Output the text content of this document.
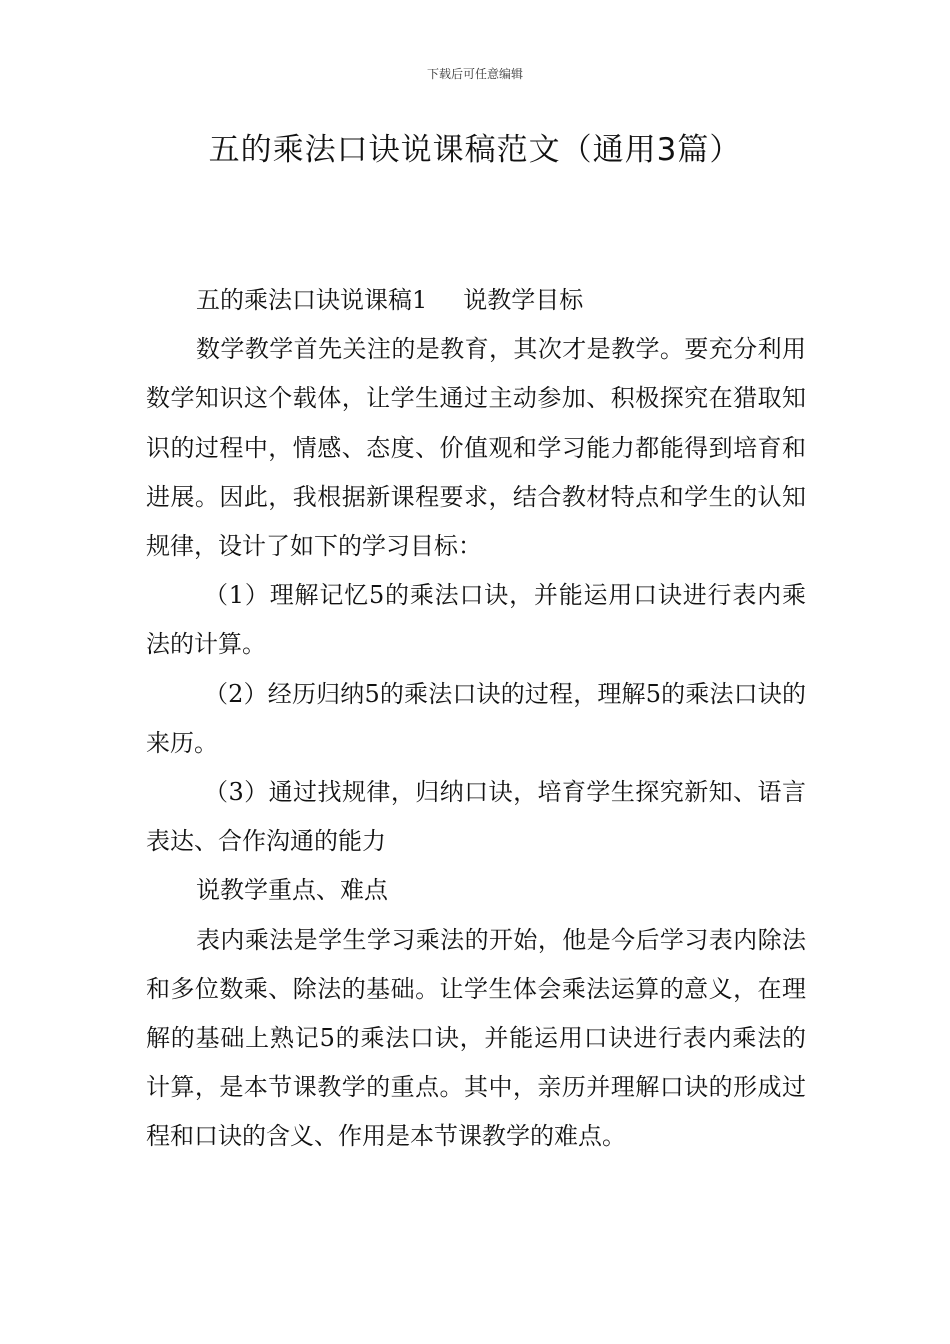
下载后可任意编辑
五的乘法口诀说课稿范文（通用3篇）

五的乘法口诀说课稿1 说教学目标

数学教学首先关注的是教育，其次才是教学。要充分利用数学知识这个载体，让学生通过主动参加、积极探究在猎取知识的过程中，情感、态度、价值观和学习能力都能得到培育和进展。因此，我根据新课程要求，结合教材特点和学生的认知规律，设计了如下的学习目标：

（1）理解记忆5的乘法口诀，并能运用口诀进行表内乘法的计算。

（2）经历归纳5的乘法口诀的过程，理解5的乘法口诀的来历。

（3）通过找规律，归纳口诀，培育学生探究新知、语言表达、合作沟通的能力

说教学重点、难点

表内乘法是学生学习乘法的开始，他是今后学习表内除法和多位数乘、除法的基础。让学生体会乘法运算的意义，在理解的基础上熟记5的乘法口诀，并能运用口诀进行表内乘法的计算，是本节课教学的重点。其中，亲历并理解口诀的形成过程和口诀的含义、作用是本节课教学的难点。
